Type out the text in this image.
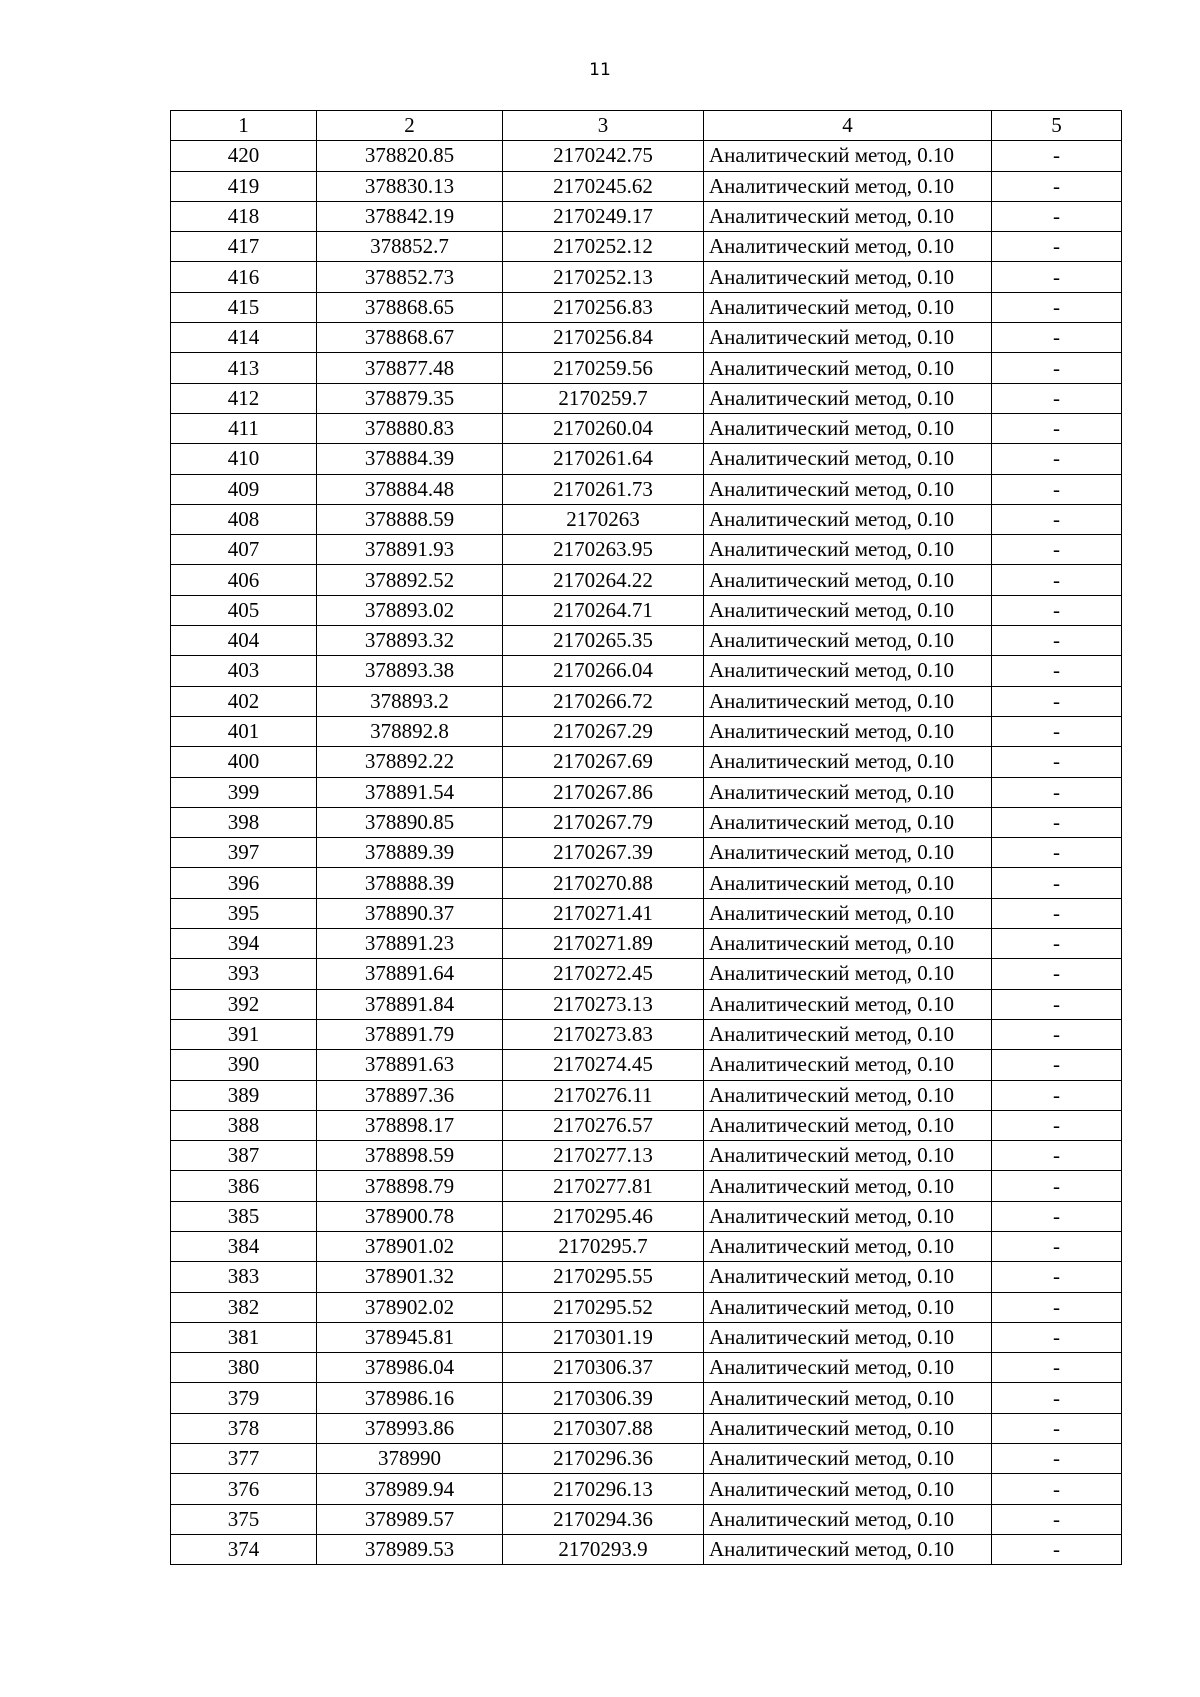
11
1	2	3	4	5
420	378820.85	2170242.75	Аналитический метод, 0.10	-
419	378830.13	2170245.62	Аналитический метод, 0.10	-
418	378842.19	2170249.17	Аналитический метод, 0.10	-
417	378852.7	2170252.12	Аналитический метод, 0.10	-
416	378852.73	2170252.13	Аналитический метод, 0.10	-
415	378868.65	2170256.83	Аналитический метод, 0.10	-
414	378868.67	2170256.84	Аналитический метод, 0.10	-
413	378877.48	2170259.56	Аналитический метод, 0.10	-
412	378879.35	2170259.7	Аналитический метод, 0.10	-
411	378880.83	2170260.04	Аналитический метод, 0.10	-
410	378884.39	2170261.64	Аналитический метод, 0.10	-
409	378884.48	2170261.73	Аналитический метод, 0.10	-
408	378888.59	2170263	Аналитический метод, 0.10	-
407	378891.93	2170263.95	Аналитический метод, 0.10	-
406	378892.52	2170264.22	Аналитический метод, 0.10	-
405	378893.02	2170264.71	Аналитический метод, 0.10	-
404	378893.32	2170265.35	Аналитический метод, 0.10	-
403	378893.38	2170266.04	Аналитический метод, 0.10	-
402	378893.2	2170266.72	Аналитический метод, 0.10	-
401	378892.8	2170267.29	Аналитический метод, 0.10	-
400	378892.22	2170267.69	Аналитический метод, 0.10	-
399	378891.54	2170267.86	Аналитический метод, 0.10	-
398	378890.85	2170267.79	Аналитический метод, 0.10	-
397	378889.39	2170267.39	Аналитический метод, 0.10	-
396	378888.39	2170270.88	Аналитический метод, 0.10	-
395	378890.37	2170271.41	Аналитический метод, 0.10	-
394	378891.23	2170271.89	Аналитический метод, 0.10	-
393	378891.64	2170272.45	Аналитический метод, 0.10	-
392	378891.84	2170273.13	Аналитический метод, 0.10	-
391	378891.79	2170273.83	Аналитический метод, 0.10	-
390	378891.63	2170274.45	Аналитический метод, 0.10	-
389	378897.36	2170276.11	Аналитический метод, 0.10	-
388	378898.17	2170276.57	Аналитический метод, 0.10	-
387	378898.59	2170277.13	Аналитический метод, 0.10	-
386	378898.79	2170277.81	Аналитический метод, 0.10	-
385	378900.78	2170295.46	Аналитический метод, 0.10	-
384	378901.02	2170295.7	Аналитический метод, 0.10	-
383	378901.32	2170295.55	Аналитический метод, 0.10	-
382	378902.02	2170295.52	Аналитический метод, 0.10	-
381	378945.81	2170301.19	Аналитический метод, 0.10	-
380	378986.04	2170306.37	Аналитический метод, 0.10	-
379	378986.16	2170306.39	Аналитический метод, 0.10	-
378	378993.86	2170307.88	Аналитический метод, 0.10	-
377	378990	2170296.36	Аналитический метод, 0.10	-
376	378989.94	2170296.13	Аналитический метод, 0.10	-
375	378989.57	2170294.36	Аналитический метод, 0.10	-
374	378989.53	2170293.9	Аналитический метод, 0.10	-
